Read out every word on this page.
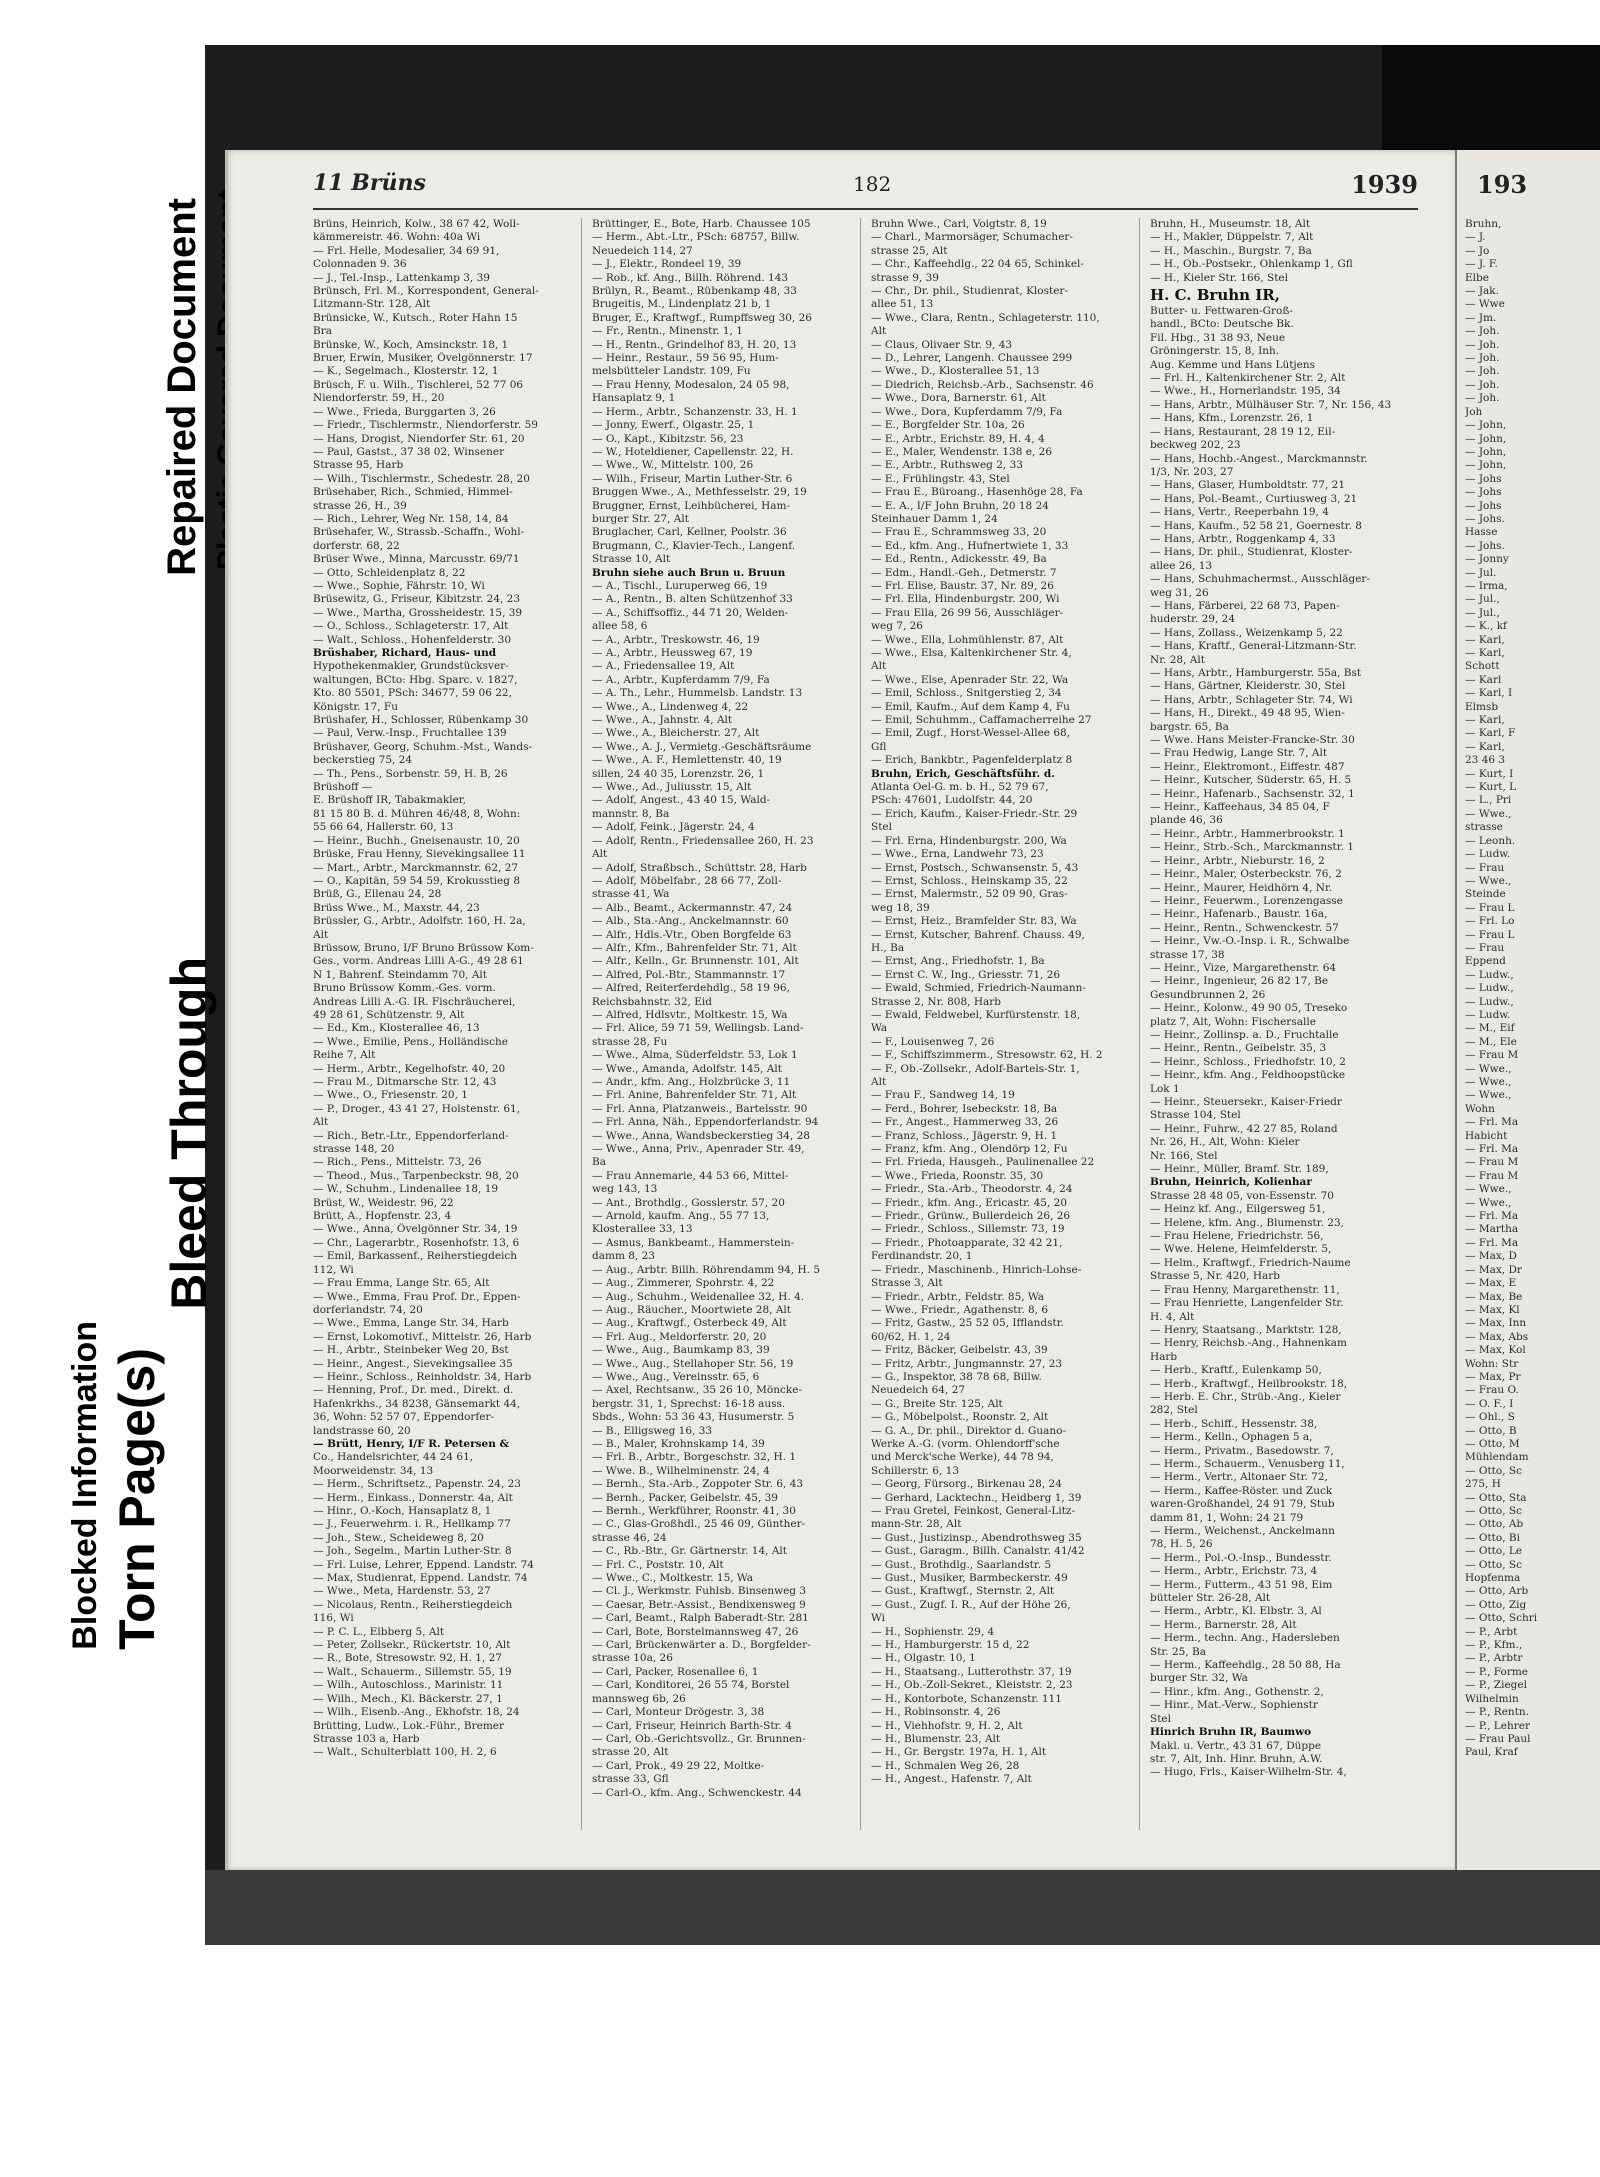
Blocked Information Torn Page(s)
Bleed Through
Repaired Document
11 Brüns	182	1939
Brüns, Heinrich, Kolw., 38 67 42, Woll-
kämmereistr. 46. Wohn: 40a Wi
— Frl. Helle, Modesalier, 34 69 91,
Colonnaden 9. 36
— J., Tel.-Insp., Lattenkamp 3, 39
Brünsch, Frl. M., Korrespondent, General-
Litzmann-Str. 128, Alt
Brünsicke, W., Kutsch., Roter Hahn 15
Bra
Brünske, W., Koch, Amsinckstr. 18, 1
Bruer, Erwin, Musiker, Övelgönnerstr. 17
— K., Segelmach., Klosterstr. 12, 1
Brüsch, F. u. Wilh., Tischlerei, 52 77 06
Niendorferstr. 59, H., 20
— Wwe., Frieda, Burggarten 3, 26
— Friedr., Tischlermstr., Niendorferstr. 59
— Hans, Drogist, Niendorfer Str. 61, 20
— Paul, Gastst., 37 38 02, Winsener
Strasse 95, Harb
— Wilh., Tischlermstr., Schedestr. 28, 20
Brüsehaber, Rich., Schmied, Himmel-
strasse 26, H., 39
— Rich., Lehrer, Weg Nr. 158, 14, 84
Brüsehafer, W., Strassb.-Schaffn., Wohl-
dorferstr. 68, 22
Brüser Wwe., Minna, Marcusstr. 69/71
— Otto, Schleidenplatz 8, 22
— Wwe., Sophie, Fährstr. 10, Wi
Brüsewitz, G., Friseur, Kibitzstr. 24, 23
— Wwe., Martha, Grossheidestr. 15, 39
— O., Schloss., Schlageterstr. 17, Alt
— Walt., Schloss., Hohenfelderstr. 30
Brüshaber, Richard, Haus- und
Hypothekenmakler, Grundstücksver-
waltungen, BCto: Hbg. Sparc. v. 1827,
Kto. 80 5501, PSch: 34677, 59 06 22,
Königstr. 17, Fu
Brüshafer, H., Schlosser, Rübenkamp 30
— Paul, Verw.-Insp., Fruchtallee 139
Brüshaver, Georg, Schuhm.-Mst., Wands-
beckerstieg 75, 24
— Th., Pens., Sorbenstr. 59, H. B, 26
Brüshoff —
E. Brüshoff IR, Tabakmakler,
81 15 80 B. d. Mühren 46/48, 8, Wohn:
55 66 64, Hallerstr. 60, 13
— Heinr., Buchh., Gneisenaustr. 10, 20
Brüske, Frau Henny, Sievekingsallee 11
— Mart., Arbtr., Marckmannstr. 62, 27
— O., Kapitän, 59 54 59, Krokusstieg 8
Brüß, G., Ellenau 24, 28
Brüss Wwe., M., Maxstr. 44, 23
Brüssler, G., Arbtr., Adolfstr. 160, H. 2a,
Alt
Brüssow, Bruno, I/F Bruno Brüssow Kom-
Ges., vorm. Andreas Lilli A-G., 49 28 61
N 1, Bahrenf. Steindamm 70, Alt
Bruno Brüssow Komm.-Ges. vorm.
Andreas Lilli A.-G. IR. Fischräucherei,
49 28 61, Schützenstr. 9, Alt
— Ed., Km., Klosterallee 46, 13
— Wwe., Emilie, Pens., Holländische
Reihe 7, Alt
— Herm., Arbtr., Kegelhofstr. 40, 20
— Frau M., Ditmarsche Str. 12, 43
— Wwe., O., Friesenstr. 20, 1
— P., Droger., 43 41 27, Holstenstr. 61,
Alt
— Rich., Betr.-Ltr., Eppendorferland-
strasse 148, 20
— Rich., Pens., Mittelstr. 73, 26
— Theod., Mus., Tarpenbeckstr. 98, 20
— W., Schuhm., Lindenallee 18, 19
Brüst, W., Weidestr. 96, 22
Brütt, A., Hopfenstr. 23, 4
— Wwe., Anna, Övelgönner Str. 34, 19
— Chr., Lagerarbtr., Rosenhofstr. 13, 6
— Emil, Barkassenf., Reiherstiegdeich
112, Wi
— Frau Emma, Lange Str. 65, Alt
— Wwe., Emma, Frau Prof. Dr., Eppen-
dorferlandstr. 74, 20
— Wwe., Emma, Lange Str. 34, Harb
— Ernst, Lokomotivf., Mittelstr. 26, Harb
— H., Arbtr., Steinbeker Weg 20, Bst
— Heinr., Angest., Sievekingsallee 35
— Heinr., Schloss., Reinholdstr. 34, Harb
— Henning, Prof., Dr. med., Direkt. d.
Hafenkrkhs., 34 8238, Gänsemarkt 44,
36, Wohn: 52 57 07, Eppendorfer-
landstrasse 60, 20
— Brütt, Henry, I/F R. Petersen &
Co., Handelsrichter, 44 24 61,
Moorweidenstr. 34, 13
— Herm., Schriftsetz., Papenstr. 24, 23
— Herm., Einkass., Donnerstr. 4a, Alt
— Hinr., O.-Koch, Hansaplatz 8, 1
— J., Feuerwehrm. i. R., Hellkamp 77
— Joh., Stew., Scheideweg 8, 20
— Joh., Segelm., Martin Luther-Str. 8
— Frl. Luise, Lehrer, Eppend. Landstr. 74
— Max, Studienrat, Eppend. Landstr. 74
— Wwe., Meta, Hardenstr. 53, 27
— Nicolaus, Rentn., Reiherstiegdeich
116, Wi
— P. C. L., Elbberg 5, Alt
— Peter, Zollsekr., Rückertstr. 10, Alt
— R., Bote, Stresowstr. 92, H. 1, 27
— Walt., Schauerm., Sillemstr. 55, 19
— Wilh., Autoschloss., Marinistr. 11
— Wilh., Mech., Kl. Bäckerstr. 27, 1
— Wilh., Eisenb.-Ang., Ekhofstr. 18, 24
Brütting, Ludw., Lok.-Führ., Bremer
Strasse 103 a, Harb
— Walt., Schulterblatt 100, H. 2, 6
Brüttinger, E., Bote, Harb. Chaussee 105
— Herm., Abt.-Ltr., PSch: 68757, Billw.
Neuedeich 114, 27
— J., Elektr., Rondeel 19, 39
— Rob., kf. Ang., Billh. Röhrend. 143
Brülyn, R., Beamt., Rübenkamp 48, 33
Brugeitis, M., Lindenplatz 21 b, 1
Bruger, E., Kraftwgf., Rumpffsweg 30, 26
— Fr., Rentn., Minenstr. 1, 1
— H., Rentn., Grindelhof 83, H. 20, 13
— Heinr., Restaur., 59 56 95, Hum-
melsbütteler Landstr. 109, Fu
— Frau Henny, Modesalon, 24 05 98,
Hansaplatz 9, 1
— Herm., Arbtr., Schanzenstr. 33, H. 1
— Jonny, Ewerf., Olgastr. 25, 1
— O., Kapt., Kibitzstr. 56, 23
— W., Hoteldiener, Capellenstr. 22, H.
— Wwe., W., Mittelstr. 100, 26
— Wilh., Friseur, Martin Luther-Str. 6
Bruggen Wwe., A., Methfesselstr. 29, 19
Bruggner, Ernst, Leihbücherei, Ham-
burger Str. 27, Alt
Bruglacher, Carl, Kellner, Poolstr. 36
Brugmann, C., Klavier-Tech., Langenf.
Strasse 10, Alt
Bruhn siehe auch Brun u. Bruun
— A., Tischl., Luruperweg 66, 19
— A., Rentn., B. alten Schützenhof 33
— A., Schiffsoffiz., 44 71 20, Welden-
allee 58, 6
— A., Arbtr., Treskowstr. 46, 19
— A., Arbtr., Heussweg 67, 19
— A., Friedensallee 19, Alt
— A., Arbtr., Kupferdamm 7/9, Fa
— A. Th., Lehr., Hummelsb. Landstr. 13
— Wwe., A., Lindenweg 4, 22
— Wwe., A., Jahnstr. 4, Alt
— Wwe., A., Bleicherstr. 27, Alt
— Wwe., A. J., Vermietg.-Geschäftsräume
— Wwe., A. F., Hemlettenstr. 40, 19
sillen, 24 40 35, Lorenzstr. 26, 1
— Wwe., Ad., Juliusstr. 15, Alt
— Adolf, Angest., 43 40 15, Wald-
mannstr. 8, Ba
— Adolf, Feink., Jägerstr. 24, 4
— Adolf, Rentn., Friedensallee 260, H. 23
Alt
— Adolf, Straßbsch., Schüttstr. 28, Harb
— Adolf, Möbelfabr., 28 66 77, Zoll-
strasse 41, Wa
— Alb., Beamt., Ackermannstr. 47, 24
— Alb., Sta.-Ang., Anckelmannstr. 60
— Alfr., Hdls.-Vtr., Oben Borgfelde 63
— Alfr., Kfm., Bahrenfelder Str. 71, Alt
— Alfr., Kelln., Gr. Brunnenstr. 101, Alt
— Alfred, Pol.-Btr., Stammannstr. 17
— Alfred, Reiterferdehdlg., 58 19 96,
Reichsbahnstr. 32, Eid
— Alfred, Hdlsvtr., Moltkestr. 15, Wa
— Frl. Alice, 59 71 59, Wellingsb. Land-
strasse 28, Fu
— Wwe., Alma, Süderfeldstr. 53, Lok 1
— Wwe., Amanda, Adolfstr. 145, Alt
— Andr., kfm. Ang., Holzbrücke 3, 11
— Frl. Anine, Bahrenfelder Str. 71, Alt
— Frl. Anna, Platzanweis., Bartelsstr. 90
— Frl. Anna, Näh., Eppendorferlandstr. 94
— Wwe., Anna, Wandsbeckerstieg 34, 28
— Wwe., Anna, Priv., Apenrader Str. 49,
Ba
— Frau Annemarie, 44 53 66, Mittel-
weg 143, 13
— Ant., Brothdlg., Gosslerstr. 57, 20
— Arnold, kaufm. Ang., 55 77 13,
Klosterallee 33, 13
— Asmus, Bankbeamt., Hammerstein-
damm 8, 23
— Aug., Arbtr. Billh. Röhrendamm 94, H. 5
— Aug., Zimmerer, Spohrstr. 4, 22
— Aug., Schuhm., Weidenallee 32, H. 4.
— Aug., Räucher., Moortwiete 28, Alt
— Aug., Kraftwgf., Osterbeck 49, Alt
— Frl. Aug., Meldorferstr. 20, 20
— Wwe., Aug., Baumkamp 83, 39
— Wwe., Aug., Stellahoper Str. 56, 19
— Wwe., Aug., Vereinsstr. 65, 6
— Axel, Rechtsanw., 35 26 10, Mönckе-
bergstr. 31, 1, Sprechst: 16-18 auss.
Sbds., Wohn: 53 36 43, Husumerstr. 5
— B., Elligsweg 16, 33
— B., Maler, Krohnskamp 14, 39
— Frl. B., Arbtr., Borgeschstr. 32, H. 1
— Wwe. B., Wilhelminenstr. 24, 4
— Bernh., Sta.-Arb., Zoppoter Str. 6, 43
— Bernh., Packer, Geibelstr. 45, 39
— Bernh., Werkführer, Roonstr. 41, 30
— C., Glas-Großhdl., 25 46 09, Günther-
strasse 46, 24
— C., Rb.-Btr., Gr. Gärtnerstr. 14, Alt
— Frl. C., Poststr. 10, Alt
— Wwe., C., Moltkestr. 15, Wa
— Cl. J., Werkmstr. Fuhlsb. Binsenweg 3
— Caesar, Betr.-Assist., Bendixensweg 9
— Carl, Beamt., Ralph Baberadt-Str. 281
— Carl, Bote, Borstelmannsweg 47, 26
— Carl, Brückenwärter a. D., Borgfelder-
strasse 10a, 26
— Carl, Packer, Rosenallee 6, 1
— Carl, Konditorei, 26 55 74, Borstel
mannsweg 6b, 26
— Carl, Monteur Drögestr. 3, 38
— Carl, Friseur, Heinrich Barth-Str. 4
— Carl, Ob.-Gerichtsvollz., Gr. Brunnen-
strasse 20, Alt
— Carl, Prok., 49 29 22, Moltke-
strasse 33, Gfl
— Carl-O., kfm. Ang., Schwenckestr. 44
Bruhn Wwe., Carl, Voigtstr. 8, 19
— Charl., Marmorsäger, Schumacher-
strasse 25, Alt
— Chr., Kaffeehdlg., 22 04 65, Schinkel-
strasse 9, 39
— Chr., Dr. phil., Studienrat, Kloster-
allee 51, 13
— Wwe., Clara, Rentn., Schlageterstr. 110,
Alt
— Claus, Olivaer Str. 9, 43
— D., Lehrer, Langenh. Chaussee 299
— Wwe., D., Klosterallee 51, 13
— Diedrich, Reichsb.-Arb., Sachsenstr. 46
— Wwe., Dora, Barnerstr. 61, Alt
— Wwe., Dora, Kupferdamm 7/9, Fa
— E., Borgfelder Str. 10a, 26
— E., Arbtr., Erichstr. 89, H. 4, 4
— E., Maler, Wendenstr. 138 e, 26
— E., Arbtr., Ruthsweg 2, 33
— E., Frühlingstr. 43, Stel
— Frau E., Büroang., Hasenhöge 28, Fa
— E. A., I/F John Bruhn, 20 18 24
Steinhauer Damm 1, 24
— Frau E., Schrammsweg 33, 20
— Ed., kfm. Ang., Hufnertwiete 1, 33
— Ed., Rentn., Adickesstr. 49, Ba
— Edm., Handl.-Geh., Detmerstr. 7
— Frl. Elise, Baustr. 37, Nr. 89, 26
— Frl. Ella, Hindenburgstr. 200, Wi
— Frau Ella, 26 99 56, Ausschläger-
weg 7, 26
— Wwe., Ella, Lohmühlenstr. 87, Alt
— Wwe., Elsa, Kaltenkirchener Str. 4,
Alt
— Wwe., Else, Apenrader Str. 22, Wa
— Emil, Schloss., Snitgerstieg 2, 34
— Emil, Kaufm., Auf dem Kamp 4, Fu
— Emil, Schuhmm., Caffamacherreihe 27
— Emil, Zugf., Horst-Wessel-Allee 68,
Gfl
— Erich, Bankbtr., Pagenfelderplatz 8
Bruhn, Erich, Geschäftsführ. d.
Atlanta Oel-G. m. b. H., 52 79 67,
PSch: 47601, Ludolfstr. 44, 20
— Erich, Kaufm., Kaiser-Friedr.-Str. 29
Stel
— Frl. Erna, Hindenburgstr. 200, Wa
— Wwe., Erna, Landwehr 73, 23
— Ernst, Postsch., Schwansenstr. 5, 43
— Ernst, Schloss., Heinskamp 35, 22
— Ernst, Malermstr., 52 09 90, Gras-
weg 18, 39
— Ernst, Heiz., Bramfelder Str. 83, Wa
— Ernst, Kutscher, Bahrenf. Chauss. 49,
H., Ba
— Ernst, Ang., Friedhofstr. 1, Ba
— Ernst C. W., Ing., Griesstr. 71, 26
— Ewald, Schmied, Friedrich-Naumann-
Strasse 2, Nr. 808, Harb
— Ewald, Feldwebel, Kurfürstenstr. 18,
Wa
— F., Louisenweg 7, 26
— F., Schiffszimmerm., Stresowstr. 62, H. 2
— F., Ob.-Zollsekr., Adolf-Bartels-Str. 1,
Alt
— Frau F., Sandweg 14, 19
— Ferd., Bohrer, Isebeckstr. 18, Ba
— Fr., Angest., Hammerweg 33, 26
— Franz, Schloss., Jägerstr. 9, H. 1
— Franz, kfm. Ang., Olendörp 12, Fu
— Frl. Frieda, Hausgeh., Paulinenallee 22
— Wwe., Frieda, Roonstr. 35, 30
— Friedr., Sta.-Arb., Theodorstr. 4, 24
— Friedr., kfm. Ang., Ericastr. 45, 20
— Friedr., Grünw., Bullerdeich 26, 26
— Friedr., Schloss., Sillemstr. 73, 19
— Friedr., Photoapparate, 32 42 21,
Ferdinandstr. 20, 1
— Friedr., Maschinenb., Hinrich-Lohse-
Strasse 3, Alt
— Friedr., Arbtr., Feldstr. 85, Wa
— Wwe., Friedr., Agathenstr. 8, 6
— Fritz, Gastw., 25 52 05, Ifflandstr.
60/62, H. 1, 24
— Fritz, Bäcker, Geibelstr. 43, 39
— Fritz, Arbtr., Jungmannstr. 27, 23
— G., Inspektor, 38 78 68, Billw.
Neuedeich 64, 27
— G., Breite Str. 125, Alt
— G., Möbelpolst., Roonstr. 2, Alt
— G. A., Dr. phil., Direktor d. Guano-
Werke A.-G. (vorm. Ohlendorff'sche
und Merck'sche Werke), 44 78 94,
Schillerstr. 6, 13
— Georg, Fürsorg., Birkenau 28, 24
— Gerhard, Lacktechn., Heidberg 1, 39
— Frau Gretel, Feinkost, General-Litz-
mann-Str. 28, Alt
— Gust., Justizinsp., Abendrothsweg 35
— Gust., Garagm., Billh. Canalstr. 41/42
— Gust., Brothdlg., Saarlandstr. 5
— Gust., Musiker, Barmbeckerstr. 49
— Gust., Kraftwgf., Sternstr. 2, Alt
— Gust., Zugf. I. R., Auf der Höhe 26,
Wi
— H., Sophienstr. 29, 4
— H., Hamburgerstr. 15 d, 22
— H., Olgastr. 10, 1
— H., Staatsang., Lutterothstr. 37, 19
— H., Ob.-Zoll-Sekret., Kleiststr. 2, 23
— H., Kontorbote, Schanzenstr. 111
— H., Robinsonstr. 4, 26
— H., Viehhofstr. 9, H. 2, Alt
— H., Blumenstr. 23, Alt
— H., Gr. Bergstr. 197a, H. 1, Alt
— H., Schmalen Weg 26, 28
— H., Angest., Hafenstr. 7, Alt
Bruhn, H., Museumstr. 18, Alt
— H., Makler, Düppelstr. 7, Alt
— H., Maschin., Burgstr. 7, Ba
— H., Ob.-Postsekr., Ohlenkamp 1, Gfl
— H., Kieler Str. 166, Stel
H. C. Bruhn IR,
Butter- u. Fettwaren-Groß-
handl., BCto: Deutsche Bk.
Fil. Hbg., 31 38 93, Neue
Gröningerstr. 15, 8, Inh.
Aug. Kemme und Hans Lütjens
— Frl. H., Kaltenkirchener Str. 2, Alt
— Wwe., H., Hornerlandstr. 195, 34
— Hans, Arbtr., Mülhäuser Str. 7, Nr. 156, 43
— Hans, Kfm., Lorenzstr. 26, 1
— Hans, Restaurant, 28 19 12, Eil-
beckweg 202, 23
— Hans, Hochb.-Angest., Marckmannstr.
1/3, Nr. 203, 27
— Hans, Glaser, Humboldtstr. 77, 21
— Hans, Pol.-Beamt., Curtiusweg 3, 21
— Hans, Vertr., Reeperbahn 19, 4
— Hans, Kaufm., 52 58 21, Goernestr. 8
— Hans, Arbtr., Roggenkamp 4, 33
— Hans, Dr. phil., Studienrat, Kloster-
allee 26, 13
— Hans, Schuhmachermst., Ausschläger-
weg 31, 26
— Hans, Färberei, 22 68 73, Papen-
huderstr. 29, 24
— Hans, Zollass., Weizenkamp 5, 22
— Hans, Kraftf., General-Litzmann-Str.
Nr. 28, Alt
— Hans, Arbtr., Hamburgerstr. 55a, Bst
— Hans, Gärtner, Kleiderstr. 30, Stel
— Hans, Arbtr., Schlageter Str. 74, Wi
— Hans, H., Direkt., 49 48 95, Wien-
bargstr. 65, Ba
— Wwe. Hans Meister-Francke-Str. 30
— Frau Hedwig, Lange Str. 7, Alt
— Heinr., Elektromont., Eiffestr. 487
— Heinr., Kutscher, Süderstr. 65, H. 5
— Heinr., Hafenarb., Sachsenstr. 32, 1
— Heinr., Kaffeehaus, 34 85 04, F
plande 46, 36
— Heinr., Arbtr., Hammerbrookstr. 1
— Heinr., Strb.-Sch., Marckmannstr. 1
— Heinr., Arbtr., Nieburstr. 16, 2
— Heinr., Maler, Osterbeckstr. 76, 2
— Heinr., Maurer, Heidhörn 4, Nr.
— Heinr., Feuerwm., Lorenzengasse
— Heinr., Hafenarb., Baustr. 16a,
— Heinr., Rentn., Schwenckestr. 57
— Heinr., Vw.-O.-Insp. i. R., Schwalbe
strasse 17, 38
— Heinr., Vize, Margarethenstr. 64
— Heinr., Ingenieur, 26 82 17, Be
Gesundbrunnen 2, 26
— Heinr., Kolonw., 49 90 05, Treseko
platz 7, Alt, Wohn: Fischersalle
— Heinr., Zollinsp. a. D., Fruchtalle
— Heinr., Rentn., Geibelstr. 35, 3
— Heinr., Schloss., Friedhofstr. 10, 2
— Heinr., kfm. Ang., Feldhoopstücke
Lok 1
— Heinr., Steuersekr., Kaiser-Friedr
Strasse 104, Stel
— Heinr., Fuhrw., 42 27 85, Roland
Nr. 26, H., Alt, Wohn: Kieler
Nr. 166, Stel
— Heinr., Müller, Bramf. Str. 189,
Bruhn, Heinrich, Kolienhar
Strasse 28 48 05, von-Essenstr. 70
— Heinz kf. Ang., Eilgersweg 51,
— Helene, kfm. Ang., Blumenstr. 23,
— Frau Helene, Friedrichstr. 56,
— Wwe. Helene, Heimfelderstr. 5,
— Helm., Kraftwgf., Friedrich-Naume
Strasse 5, Nr. 420, Harb
— Frau Henny, Margarethenstr. 11,
— Frau Henriette, Langenfelder Str.
H. 4, Alt
— Henry, Staatsang., Marktstr. 128,
— Henry, Reichsb.-Ang., Hahnenkam
Harb
— Herb., Kraftf., Eulenkamp 50,
— Herb., Kraftwgf., Heilbrookstr. 18,
— Herb. E. Chr., Strüb.-Ang., Kieler
282, Stel
— Herb., Schiff., Hessenstr. 38,
— Herm., Kelln., Ophagen 5 a,
— Herm., Privatm., Basedowstr. 7,
— Herm., Schauerm., Venusberg 11,
— Herm., Vertr., Altonaer Str. 72,
— Herm., Kaffee-Röster. und Zuck
waren-Großhandel, 24 91 79, Stub
damm 81, 1, Wohn: 24 21 79
— Herm., Weichenst., Anckelmann
78, H. 5, 26
— Herm., Pol.-O.-Insp., Bundesstr.
— Herm., Arbtr., Erichstr. 73, 4
— Herm., Futterm., 43 51 98, Eim
bütteler Str. 26-28, Alt
— Herm., Arbtr., Kl. Elbstr. 3, Al
— Herm., Barnerstr. 28, Alt
— Herm., techn. Ang., Hadersleben
Str. 25, Ba
— Herm., Kaffeehdlg., 28 50 88, Ha
burger Str. 32, Wa
— Hinr., kfm. Ang., Gothenstr. 2,
— Hinr., Mat.-Verw., Sophienstr
Stel
Hinrich Bruhn IR, Baumwo
Makl. u. Vertr., 43 31 67, Düppe
str. 7, Alt, Inh. Hinr. Bruhn, A.W.
— Hugo, Frls., Kaiser-Wilhelm-Str. 4,
193
Bruhn,
— J.
— Jo
— J. F.
Elbe
— Jak.
— Wwe
— Jm.
— Joh.
— Joh.
— Joh.
— Joh.
— Joh.
— Joh.
Joh
— John,
— John,
— John,
— John,
— Johs
— Johs
— Johs
— Johs.
Hasse
— Johs.
— Jonny
— Jul.
— Irma,
— Jul.,
— Jul.,
— K., kf
— Karl,
— Karl,
Schott
— Karl
— Karl, I
Elmsb
— Karl,
— Karl, F
— Karl,
23 46 3
— Kurt, I
— Kurt, L
— L., Pri
— Wwe.,
strasse
— Leonh.
— Ludw.
— Frau
— Wwe.,
Steinde
— Frau L
— Frl. Lo
— Frau L
— Frau
Eppend
— Ludw.,
— Ludw.,
— Ludw.,
— Ludw.
— M., Eif
— M., Ele
— Frau M
— Wwe.,
— Wwe.,
— Wwe.,
Wohn
— Frl. Ma
Habicht
— Frl. Ma
— Frau M
— Frau M
— Wwe.,
— Wwe.,
— Frl. Ma
— Martha
— Frl. Ma
— Max, D
— Max, Dr
— Max, E
— Max, Be
— Max, Kl
— Max, Inn
— Max, Abs
— Max, Kol
Wohn: Str
— Max, Pr
— Frau O.
— O. F., I
— Ohl., S
— Otto, B
— Otto, M
Mühlendam
— Otto, Sc
275, H
— Otto, Sta
— Otto, Sc
— Otto, Ab
— Otto, Bi
— Otto, Le
— Otto, Sc
Hopfenma
— Otto, Arb
— Otto, Zig
— Otto, Schri
— P., Arbt
— P., Kfm.,
— P., Arbtr
— P., Forme
— P., Ziegel
Wilhelmin
— P., Rentn.
— P., Lehrer
— Frau Paul
Paul, Kraf
